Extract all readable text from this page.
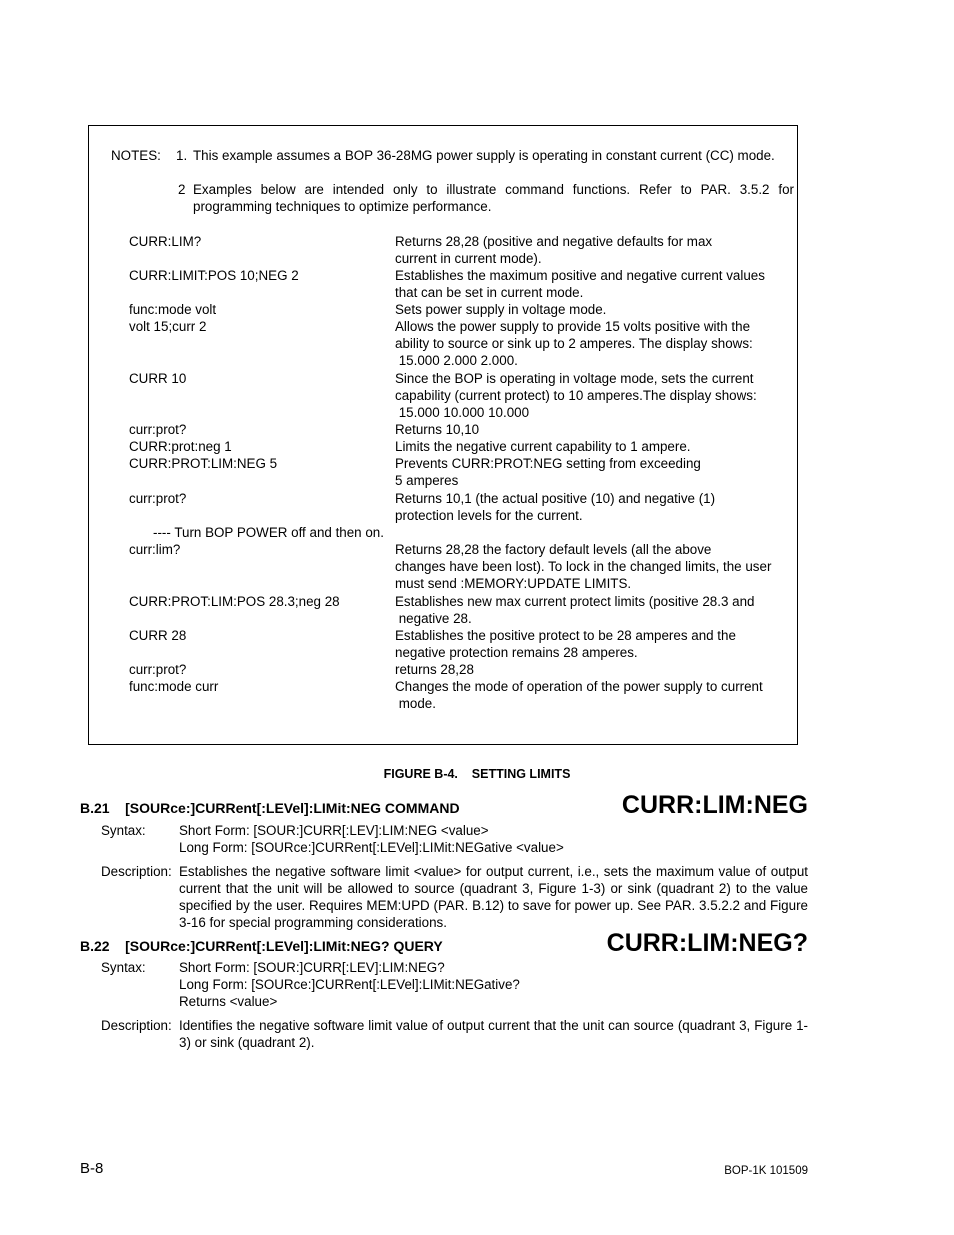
NOTES: 1. This example assumes a BOP 36-28MG power supply is operating in constant current (CC) mode.
2 Examples below are intended only to illustrate command functions. Refer to PAR. 3.5.2 for programming techniques to optimize performance.
CURR:LIM?	Returns 28,28 (positive and negative defaults for max
current in current mode).
CURR:LIMIT:POS 10;NEG 2	Establishes the maximum positive and negative current values
that can be set in current mode.
func:mode volt	Sets power supply in voltage mode.
volt 15;curr 2	Allows the power supply to provide 15 volts positive with the
ability to source or sink up to 2 amperes. The display shows:
15.000 2.000 2.000.
CURR 10	Since the BOP is operating in voltage mode, sets the current
capability (current protect) to 10 amperes.The display shows:
15.000 10.000 10.000
curr:prot?	Returns 10,10
CURR:prot:neg 1	Limits the negative current capability to 1 ampere.
CURR:PROT:LIM:NEG 5	Prevents CURR:PROT:NEG setting from exceeding
5 amperes
curr:prot?	Returns 10,1 (the actual positive (10) and negative (1)
protection levels for the current.
---- Turn BOP POWER off and then on.
curr:lim?	Returns 28,28 the factory default levels (all the above
changes have been lost). To lock in the changed limits, the user
must send :MEMORY:UPDATE LIMITS.
CURR:PROT:LIM:POS 28.3;neg 28	Establishes new max current protect limits (positive 28.3 and
negative 28.
CURR 28	Establishes the positive protect to be 28 amperes and the
negative protection remains 28 amperes.
curr:prot?	returns 28,28
func:mode curr	Changes the mode of operation of the power supply to current
mode.
FIGURE B-4.    SETTING LIMITS
B.21    [SOURce:]CURRent[:LEVel]:LIMit:NEG COMMAND	CURR:LIM:NEG
Syntax: Short Form: [SOUR:]CURR[:LEV]:LIM:NEG <value>
Long Form: [SOURce:]CURRent[:LEVel]:LIMit:NEGative <value>
Description: Establishes the negative software limit <value> for output current, i.e., sets the maximum value of output current that the unit will be allowed to source (quadrant 3, Figure 1-3) or sink (quadrant 2) to the value specified by the user. Requires MEM:UPD (PAR. B.12) to save for power up. See PAR. 3.5.2.2 and Figure 3-16 for special programming considerations.
B.22    [SOURce:]CURRent[:LEVel]:LIMit:NEG? QUERY	CURR:LIM:NEG?
Syntax: Short Form: [SOUR:]CURR[:LEV]:LIM:NEG?
Long Form: [SOURce:]CURRent[:LEVel]:LIMit:NEGative?
Returns <value>
Description: Identifies the negative software limit value of output current that the unit can source (quadrant 3, Figure 1-3) or sink (quadrant 2).
B-8	BOP-1K 101509
